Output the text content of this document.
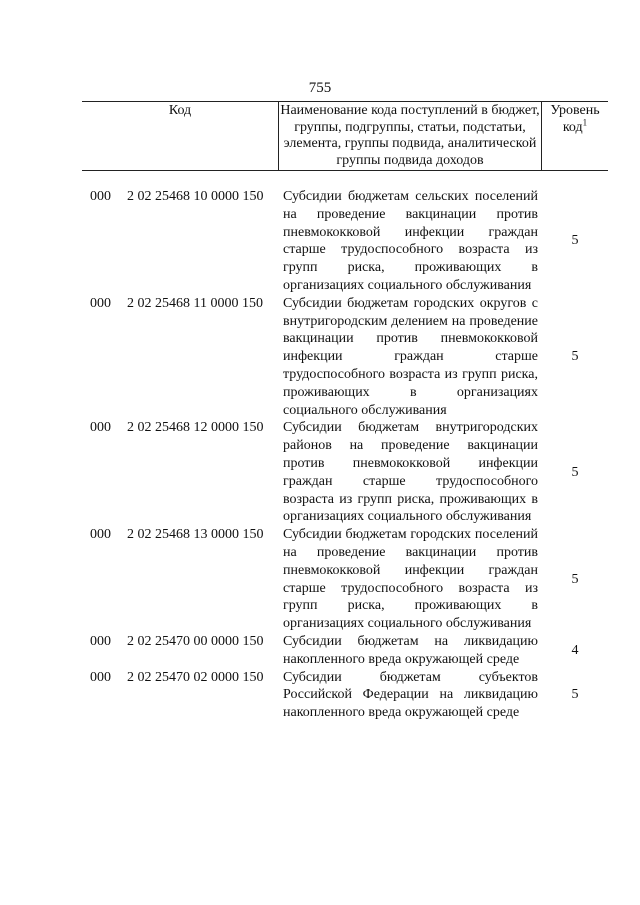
755
Код	Наименование кода поступлений в бюджет, группы, подгруппы, статьи, подстатьи, элемента, группы подвида, аналитической группы подвида доходов
Уровень код$^1$
000 2 02 25468 10 0000 150 Субсидии бюджетам сельских поселений на проведение вакцинации против пневмококковой инфекции граждан старше трудоспособного возраста из групп риска, проживающих в организациях социального обслуживания
5
000 2 02 25468 11 0000 150 Субсидии бюджетам городских округов с внутригородским делением на проведение вакцинации против пневмококковой инфекции граждан старше трудоспособного возраста из групп риска, проживающих в организациях социального обслуживания
5
000 2 02 25468 12 0000 150 Субсидии бюджетам внутригородских районов на проведение вакцинации против пневмококковой инфекции граждан старше трудоспособного возраста из групп риска, проживающих в организациях социального обслуживания
5
000 2 02 25468 13 0000 150 Субсидии бюджетам городских поселений на проведение вакцинации против пневмококковой инфекции граждан старше трудоспособного возраста из групп риска, проживающих в организациях социального обслуживания
5
000 2 02 25470 00 0000 150 Субсидии бюджетам на ликвидацию накопленного вреда окружающей среде
4
000 2 02 25470 02 0000 150 Субсидии бюджетам субъектов Российской Федерации на ликвидацию накопленного вреда окружающей среде
5
